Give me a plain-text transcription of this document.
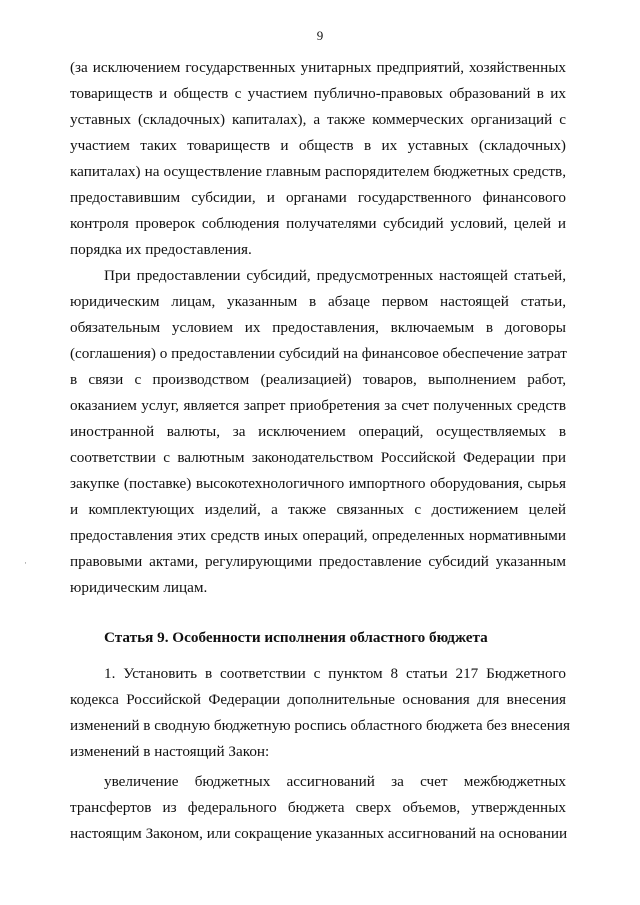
9
(за исключением государственных унитарных предприятий, хозяйственных
товариществ и обществ с участием публично-правовых образований в их
уставных (складочных) капиталах), а также коммерческих организаций с
участием таких товариществ и обществ в их уставных (складочных)
капиталах) на осуществление главным распорядителем бюджетных средств,
предоставившим субсидии, и органами государственного финансового
контроля проверок соблюдения получателями субсидий условий, целей и
порядка их предоставления.
При предоставлении субсидий, предусмотренных настоящей статьей,
юридическим лицам, указанным в абзаце первом настоящей статьи,
обязательным условием их предоставления, включаемым в договоры
(соглашения) о предоставлении субсидий на финансовое обеспечение затрат
в связи с производством (реализацией) товаров, выполнением работ,
оказанием услуг, является запрет приобретения за счет полученных средств
иностранной валюты, за исключением операций, осуществляемых в
соответствии с валютным законодательством Российской Федерации при
закупке (поставке) высокотехнологичного импортного оборудования, сырья
и комплектующих изделий, а также связанных с достижением целей
предоставления этих средств иных операций, определенных нормативными
правовыми актами, регулирующими предоставление субсидий указанным
юридическим лицам.
·
Статья 9. Особенности исполнения областного бюджета
1. Установить в соответствии с пунктом 8 статьи 217 Бюджетного
кодекса Российской Федерации дополнительные основания для внесения
изменений в сводную бюджетную роспись областного бюджета без внесения
изменений в настоящий Закон:
увеличение бюджетных ассигнований за счет межбюджетных
трансфертов из федерального бюджета сверх объемов, утвержденных
настоящим Законом, или сокращение указанных ассигнований на основании
